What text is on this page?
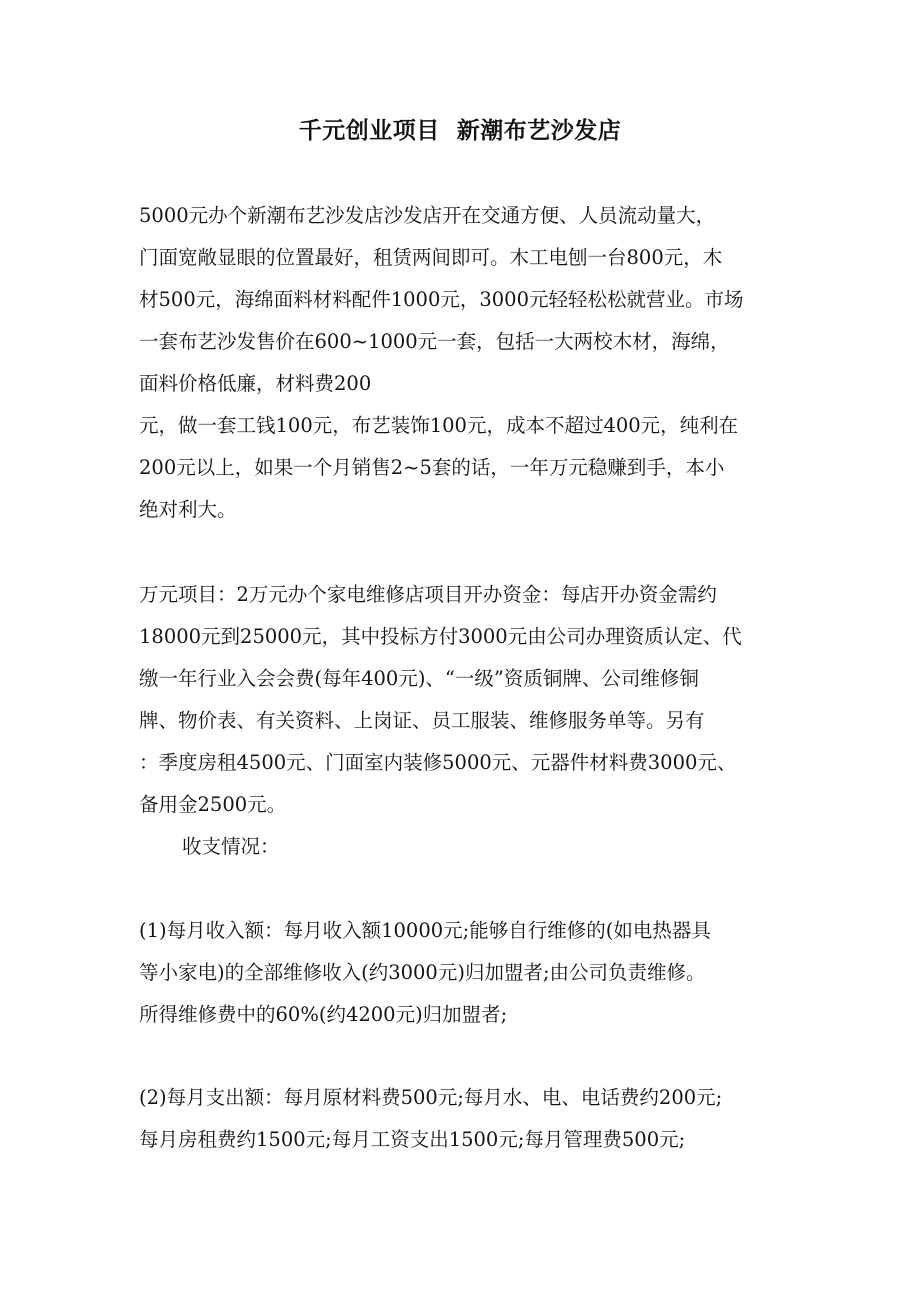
千元创业项目  新潮布艺沙发店
5000元办个新潮布艺沙发店沙发店开在交通方便、人员流动量大，
门面宽敞显眼的位置最好，租赁两间即可。木工电刨一台800元，木
材500元，海绵面料材料配件1000元，3000元轻轻松松就营业。市场
一套布艺沙发售价在600~1000元一套，包括一大两校木材，海绵，
面料价格低廉，材料费200
元，做一套工钱100元，布艺装饰100元，成本不超过400元，纯利在
200元以上，如果一个月销售2~5套的话，一年万元稳赚到手，本小
绝对利大。
万元项目：2万元办个家电维修店项目开办资金：每店开办资金需约
18000元到25000元，其中投标方付3000元由公司办理资质认定、代
缴一年行业入会会费(每年400元)、“一级”资质铜牌、公司维修铜
牌、物价表、有关资料、上岗证、员工服装、维修服务单等。另有
：季度房租4500元、门面室内装修5000元、元器件材料费3000元、
备用金2500元。
收支情况：
(1)每月收入额：每月收入额10000元;能够自行维修的(如电热器具
等小家电)的全部维修收入(约3000元)归加盟者;由公司负责维修。
所得维修费中的60%(约4200元)归加盟者;
(2)每月支出额：每月原材料费500元;每月水、电、电话费约200元;
每月房租费约1500元;每月工资支出1500元;每月管理费500元;
